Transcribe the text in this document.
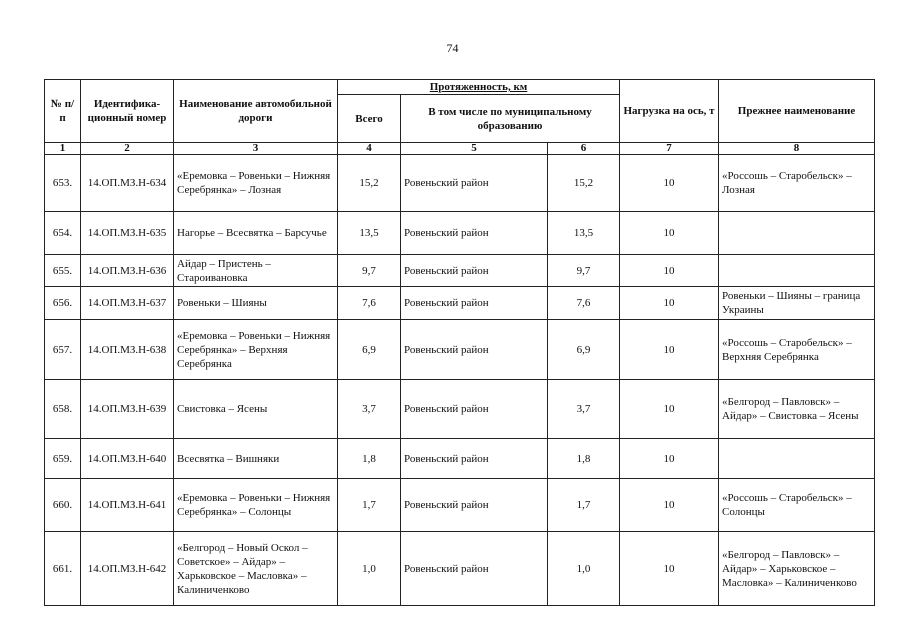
74
№ п/п	Идентифика- ционный номер	Наименование автомобильной дороги	Протяженность, км			Нагрузка на ось, т	Прежнее наименование
			Всего	В том числе по муниципальному образованию			
1	2	3	4	5	6	7	8
653.	14.ОП.МЗ.Н-634	«Еремовка – Ровеньки – Нижняя Серебрянка» – Лозная	15,2	Ровеньский район	15,2	10	«Россошь – Старобельск» – Лозная
654.	14.ОП.МЗ.Н-635	Нагорье – Всесвятка – Барсучье	13,5	Ровеньский район	13,5	10	
655.	14.ОП.МЗ.Н-636	Айдар – Пристень – Староивановка	9,7	Ровеньский район	9,7	10	
656.	14.ОП.МЗ.Н-637	Ровеньки – Шияны	7,6	Ровеньский район	7,6	10	Ровеньки – Шияны – граница Украины
657.	14.ОП.МЗ.Н-638	«Еремовка – Ровеньки – Нижняя Серебрянка» – Верхняя Серебрянка	6,9	Ровеньский район	6,9	10	«Россошь – Старобельск» – Верхняя Серебрянка
658.	14.ОП.МЗ.Н-639	Свистовка – Ясены	3,7	Ровеньский район	3,7	10	«Белгород – Павловск» – Айдар» – Свистовка – Ясены
659.	14.ОП.МЗ.Н-640	Всесвятка – Вишняки	1,8	Ровеньский район	1,8	10	
660.	14.ОП.МЗ.Н-641	«Еремовка – Ровеньки – Нижняя Серебрянка» – Солонцы	1,7	Ровеньский район	1,7	10	«Россошь – Старобельск» – Солонцы
661.	14.ОП.МЗ.Н-642	«Белгород – Новый Оскол – Советское» – Айдар» – Харьковское – Масловка» – Калиниченково	1,0	Ровеньский район	1,0	10	«Белгород – Павловск» – Айдар» – Харьковское – Масловка» – Калиниченково
